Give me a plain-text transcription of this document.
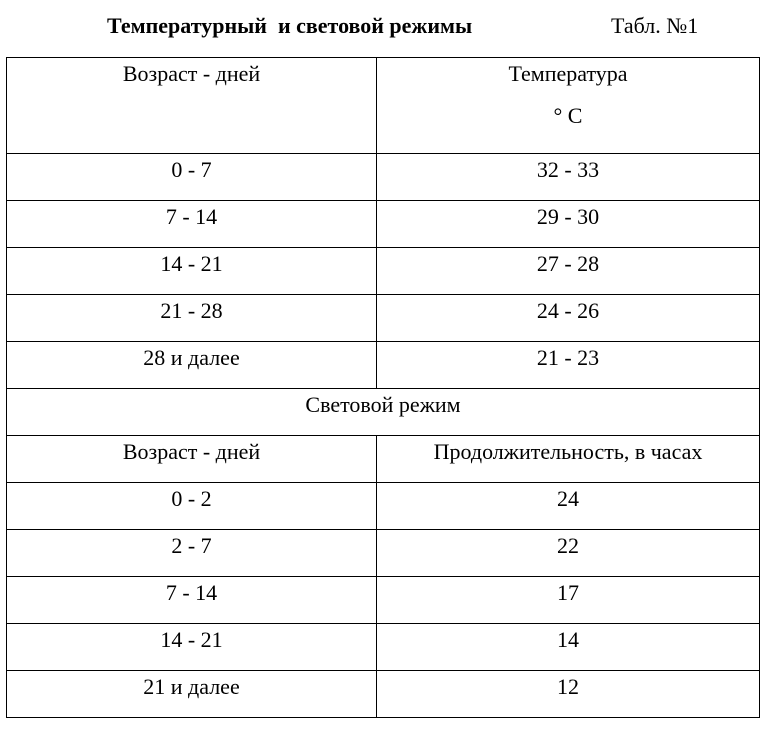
Температурный  и световой режимы	Табл. №1
Возраст - дней	Температура
° C

0 - 7	32 - 33
7 - 14	29 - 30
14 - 21	27 - 28
21 - 28	24 - 26
28 и далее	21 - 23
Световой режим	
Возраст - дней	Продолжительность, в часах
0 - 2	24
2 - 7	22
7 - 14	17
14 - 21	14
21 и далее	12
